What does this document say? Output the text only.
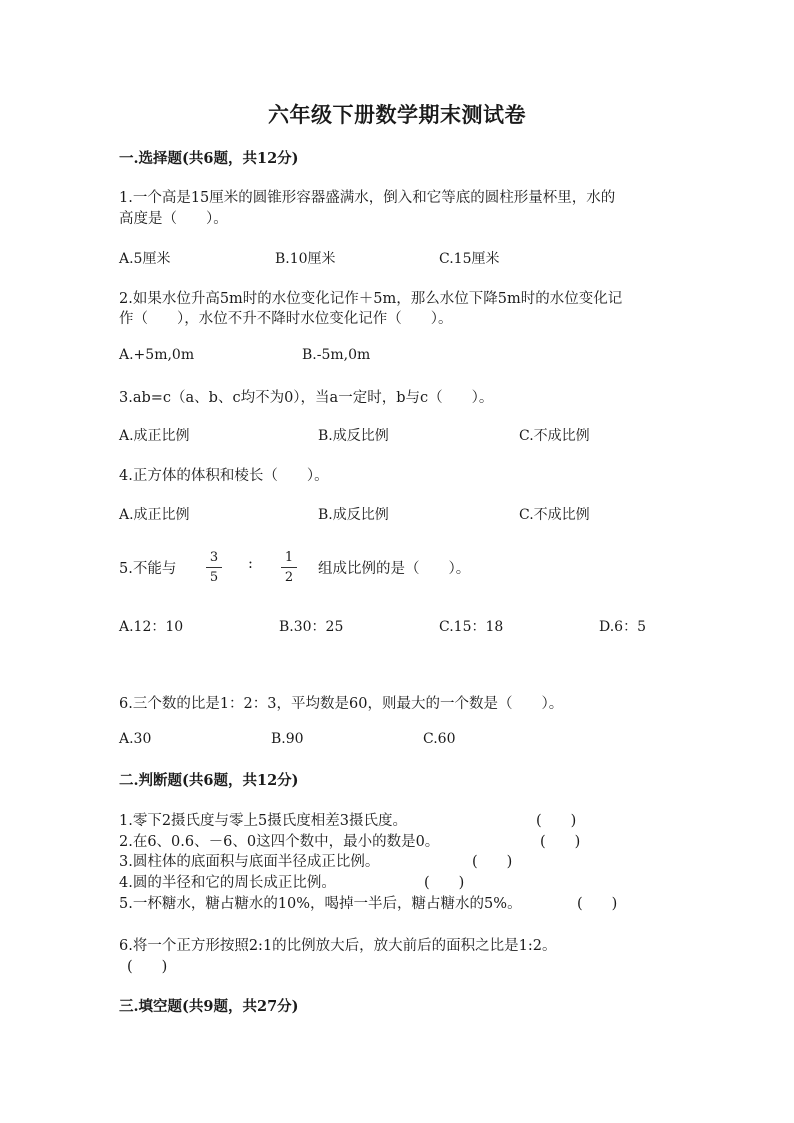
六年级下册数学期末测试卷
一.选择题(共6题，共12分)
1.一个高是15厘米的圆锥形容器盛满水，倒入和它等底的圆柱形量杯里，水的
高度是（　　）。
A.5厘米	B.10厘米	C.15厘米
2.如果水位升高5m时的水位变化记作＋5m，那么水位下降5m时的水位变化记
作（　　），水位不升不降时水位变化记作（　　）。
A.+5m,0m	B.-5m,0m
3.ab=c（a、b、c均不为0），当a一定时，b与c（　　）。
A.成正比例	B.成反比例	C.不成比例
4.正方体的体积和棱长（　　）。
A.成正比例	B.成反比例	C.不成比例
5.不能与
3
5
:	1
2
组成比例的是（　　）。
A.12：10	B.30：25	C.15：18	D.6：5
6.三个数的比是1：2：3，平均数是60，则最大的一个数是（　　）。
A.30	B.90	C.60
二.判断题(共6题，共12分)
1.零下2摄氏度与零上5摄氏度相差3摄氏度。	(　　)
2.在6、0.6、－6、0这四个数中，最小的数是0。	(　　)
3.圆柱体的底面积与底面半径成正比例。	(　　)
4.圆的半径和它的周长成正比例。	(　　)
5.一杯糖水，糖占糖水的10%，喝掉一半后，糖占糖水的5%。	(　　)
6.将一个正方形按照2:1的比例放大后，放大前后的面积之比是1:2。
(　　)
三.填空题(共9题，共27分)
